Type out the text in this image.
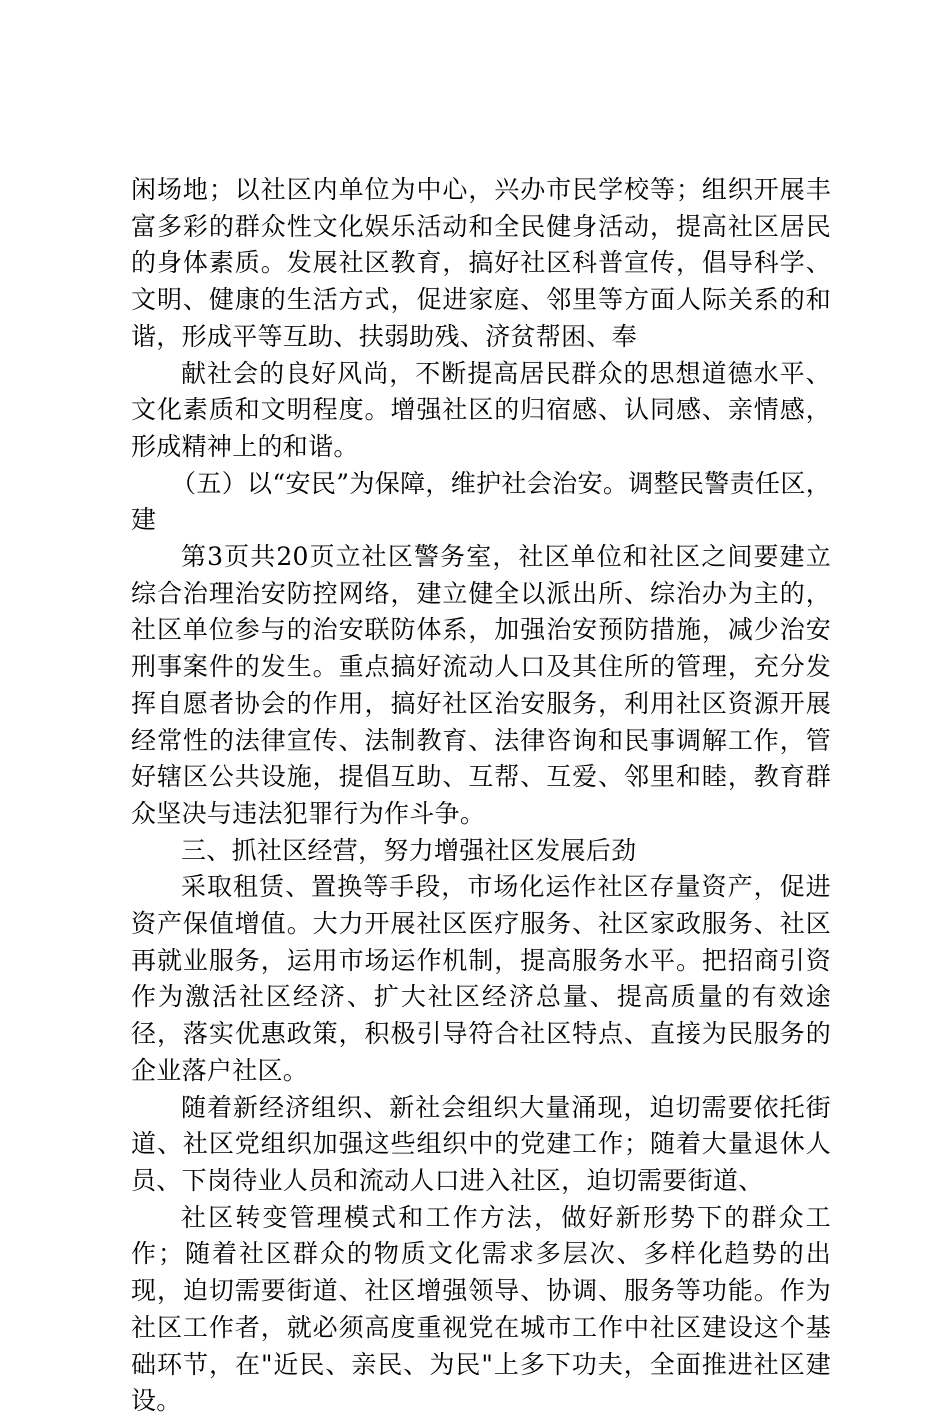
闲场地；以社区内单位为中心，兴办市民学校等；组织开展丰富多彩的群众性文化娱乐活动和全民健身活动，提高社区居民的身体素质。发展社区教育，搞好社区科普宣传，倡导科学、文明、健康的生活方式，促进家庭、邻里等方面人际关系的和谐，形成平等互助、扶弱助残、济贫帮困、奉

献社会的良好风尚，不断提高居民群众的思想道德水平、文化素质和文明程度。增强社区的归宿感、认同感、亲情感，形成精神上的和谐。

（五）以“安民”为保障，维护社会治安。调整民警责任区，建

第3页共20页立社区警务室，社区单位和社区之间要建立综合治理治安防控网络，建立健全以派出所、综治办为主的，社区单位参与的治安联防体系，加强治安预防措施，减少治安刑事案件的发生。重点搞好流动人口及其住所的管理，充分发挥自愿者协会的作用，搞好社区治安服务，利用社区资源开展经常性的法律宣传、法制教育、法律咨询和民事调解工作，管好辖区公共设施，提倡互助、互帮、互爱、邻里和睦，教育群众坚决与违法犯罪行为作斗争。

三、抓社区经营，努力增强社区发展后劲

采取租赁、置换等手段，市场化运作社区存量资产，促进资产保值增值。大力开展社区医疗服务、社区家政服务、社区再就业服务，运用市场运作机制，提高服务水平。把招商引资作为激活社区经济、扩大社区经济总量、提高质量的有效途径，落实优惠政策，积极引导符合社区特点、直接为民服务的企业落户社区。

随着新经济组织、新社会组织大量涌现，迫切需要依托街道、社区党组织加强这些组织中的党建工作；随着大量退休人员、下岗待业人员和流动人口进入社区，迫切需要街道、

社区转变管理模式和工作方法，做好新形势下的群众工作；随着社区群众的物质文化需求多层次、多样化趋势的出现，迫切需要街道、社区增强领导、协调、服务等功能。作为社区工作者，就必须高度重视党在城市工作中社区建设这个基础环节，在"近民、亲民、为民"上多下功夫，全面推进社区建设。
